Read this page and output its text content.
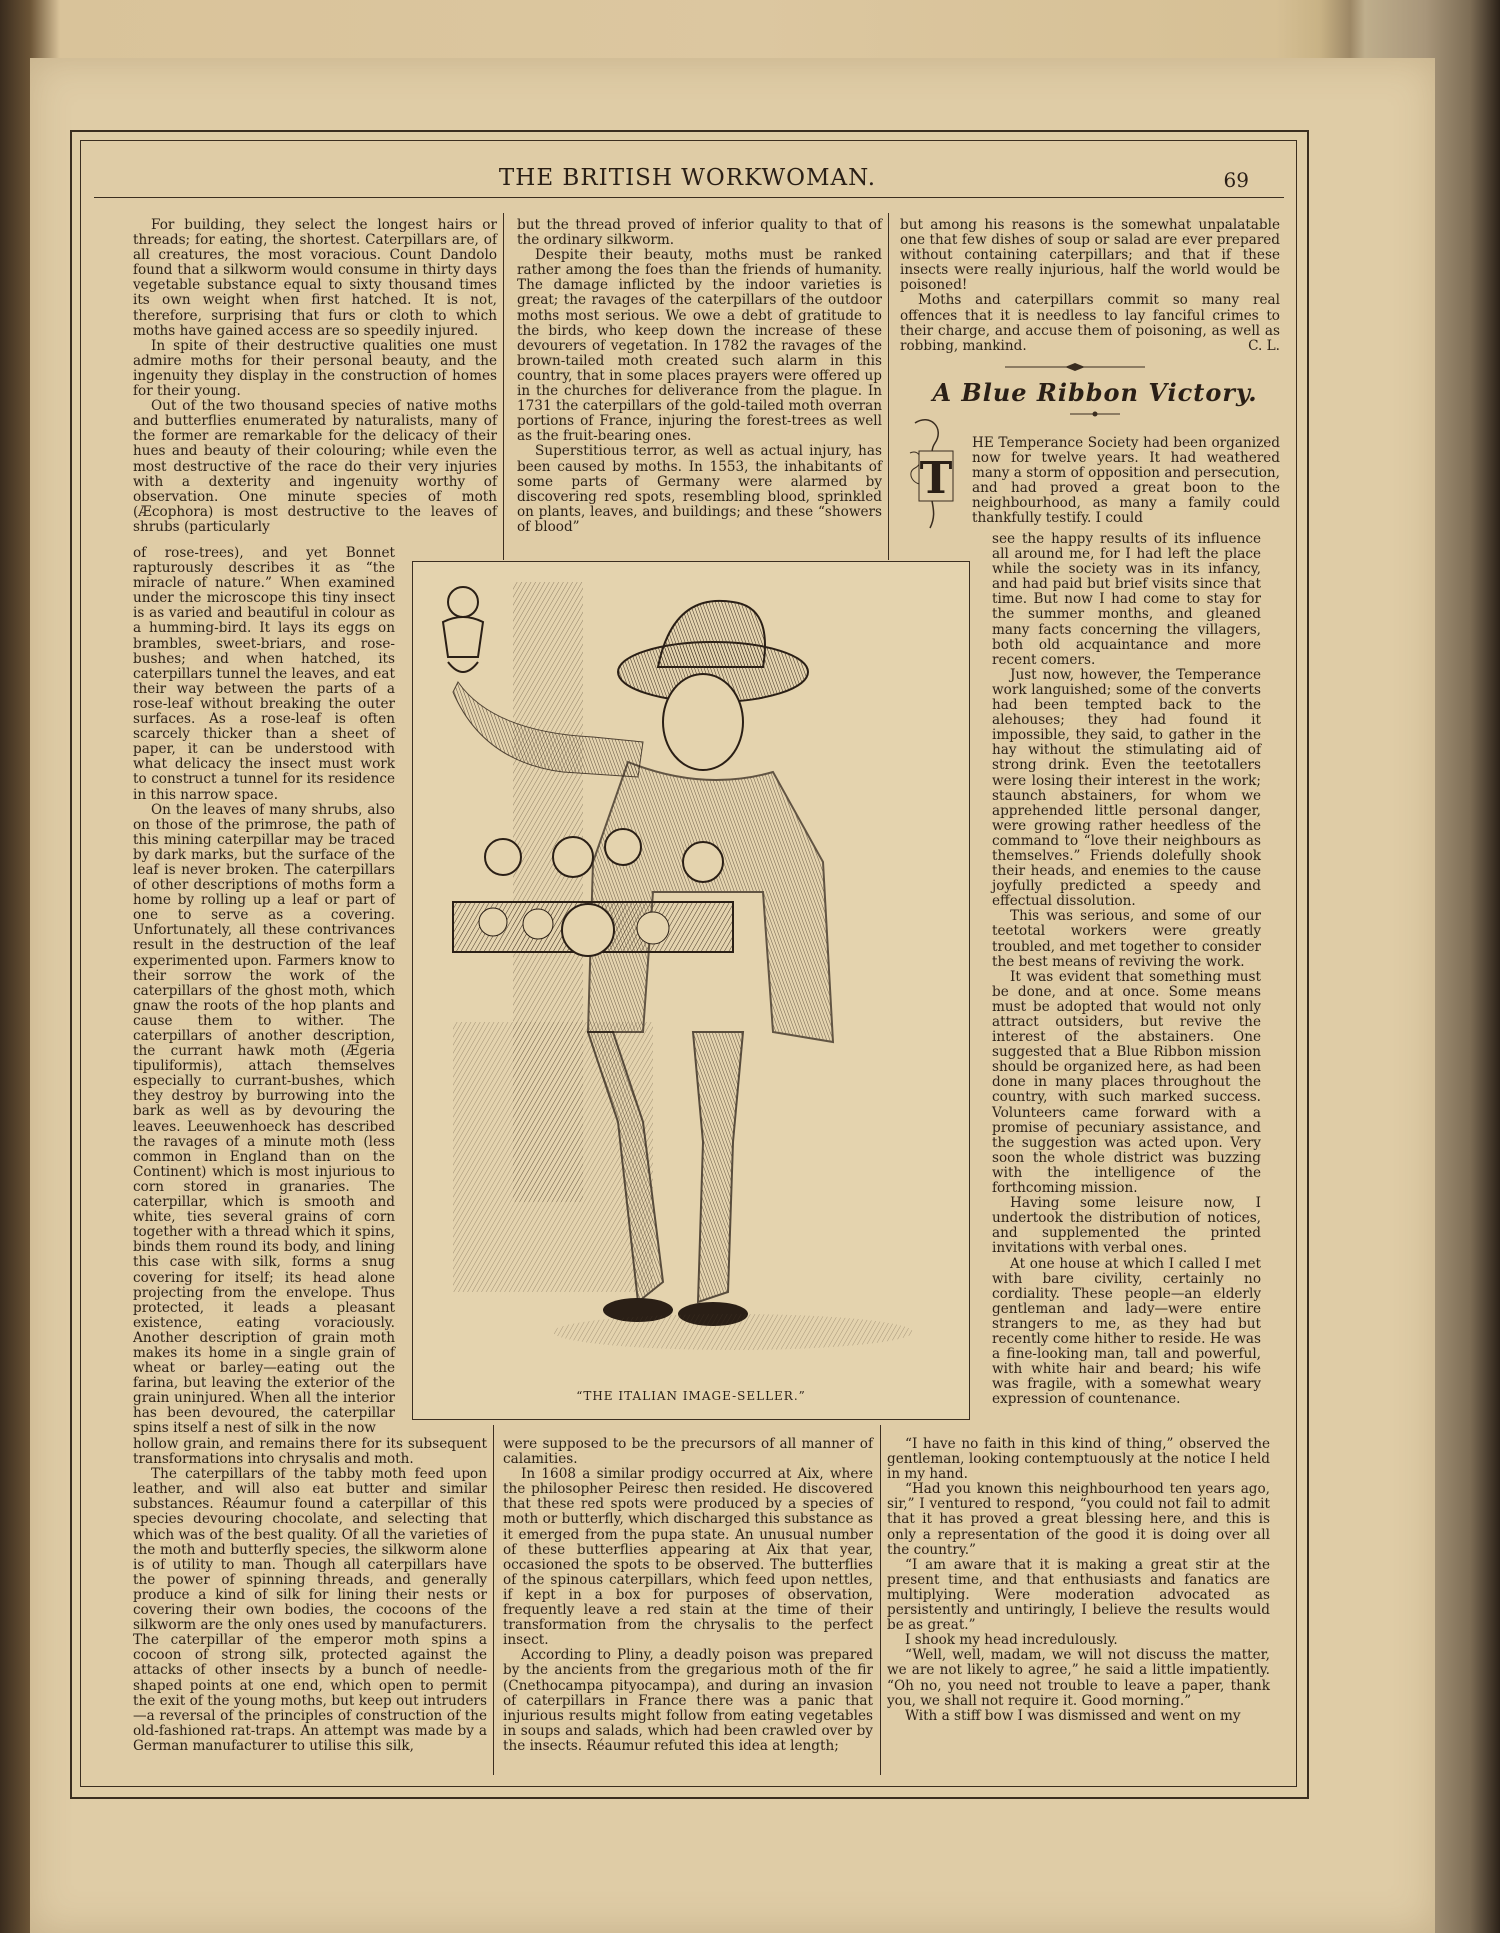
THE BRITISH WORKWOMAN.	69

For building, they select the longest hairs or threads; for eating, the shortest. Caterpillars are, of all creatures, the most voracious. Count Dandolo found that a silkworm would consume in thirty days vegetable substance equal to sixty thousand times its own weight when first hatched. It is not, therefore, surprising that furs or cloth to which moths have gained access are so speedily injured.

In spite of their destructive qualities one must admire moths for their personal beauty, and the ingenuity they display in the construction of homes for their young.

Out of the two thousand species of native moths and butterflies enumerated by naturalists, many of the former are remarkable for the delicacy of their hues and beauty of their colouring; while even the most destructive of the race do their very injuries with a dexterity and ingenuity worthy of observation. One minute species of moth (Æcophora) is most destructive to the leaves of shrubs (particularly

of rose-trees), and yet Bonnet rapturously describes it as “the miracle of nature.” When examined under the microscope this tiny insect is as varied and beautiful in colour as a humming-bird. It lays its eggs on brambles, sweet-briars, and rose-bushes; and when hatched, its caterpillars tunnel the leaves, and eat their way between the parts of a rose-leaf without breaking the outer surfaces. As a rose-leaf is often scarcely thicker than a sheet of paper, it can be understood with what delicacy the insect must work to construct a tunnel for its residence in this narrow space.

On the leaves of many shrubs, also on those of the primrose, the path of this mining caterpillar may be traced by dark marks, but the surface of the leaf is never broken. The caterpillars of other descriptions of moths form a home by rolling up a leaf or part of one to serve as a covering. Unfortunately, all these contrivances result in the destruction of the leaf experimented upon. Farmers know to their sorrow the work of the caterpillars of the ghost moth, which gnaw the roots of the hop plants and cause them to wither. The caterpillars of another description, the currant hawk moth (Ægeria tipuliformis), attach themselves especially to currant-bushes, which they destroy by burrowing into the bark as well as by devouring the leaves. Leeuwenhoeck has described the ravages of a minute moth (less common in England than on the Continent) which is most injurious to corn stored in granaries. The caterpillar, which is smooth and white, ties several grains of corn together with a thread which it spins, binds them round its body, and lining this case with silk, forms a snug covering for itself; its head alone projecting from the envelope. Thus protected, it leads a pleasant existence, eating voraciously. Another description of grain moth makes its home in a single grain of wheat or barley—eating out the farina, but leaving the exterior of the grain uninjured. When all the interior has been devoured, the caterpillar spins itself a nest of silk in the now

hollow grain, and remains there for its subsequent transformations into chrysalis and moth.

The caterpillars of the tabby moth feed upon leather, and will also eat butter and similar substances. Réaumur found a caterpillar of this species devouring chocolate, and selecting that which was of the best quality. Of all the varieties of the moth and butterfly species, the silkworm alone is of utility to man. Though all caterpillars have the power of spinning threads, and generally produce a kind of silk for lining their nests or covering their own bodies, the cocoons of the silkworm are the only ones used by manufacturers. The caterpillar of the emperor moth spins a cocoon of strong silk, protected against the attacks of other insects by a bunch of needle-shaped points at one end, which open to permit the exit of the young moths, but keep out intruders—a reversal of the principles of construction of the old-fashioned rat-traps. An attempt was made by a German manufacturer to utilise this silk,

but the thread proved of inferior quality to that of the ordinary silkworm.

Despite their beauty, moths must be ranked rather among the foes than the friends of humanity. The damage inflicted by the indoor varieties is great; the ravages of the caterpillars of the outdoor moths most serious. We owe a debt of gratitude to the birds, who keep down the increase of these devourers of vegetation. In 1782 the ravages of the brown-tailed moth created such alarm in this country, that in some places prayers were offered up in the churches for deliverance from the plague. In 1731 the caterpillars of the gold-tailed moth overran portions of France, injuring the forest-trees as well as the fruit-bearing ones.

Superstitious terror, as well as actual injury, has been caused by moths. In 1553, the inhabitants of some parts of Germany were alarmed by discovering red spots, resembling blood, sprinkled on plants, leaves, and buildings; and these “showers of blood”

were supposed to be the precursors of all manner of calamities.

In 1608 a similar prodigy occurred at Aix, where the philosopher Peiresc then resided. He discovered that these red spots were produced by a species of moth or butterfly, which discharged this substance as it emerged from the pupa state. An unusual number of these butterflies appearing at Aix that year, occasioned the spots to be observed. The butterflies of the spinous caterpillars, which feed upon nettles, if kept in a box for purposes of observation, frequently leave a red stain at the time of their transformation from the chrysalis to the perfect insect.

According to Pliny, a deadly poison was prepared by the ancients from the gregarious moth of the fir (Cnethocampa pityocampa), and during an invasion of caterpillars in France there was a panic that injurious results might follow from eating vegetables in soups and salads, which had been crawled over by the insects. Réaumur refuted this idea at length;

but among his reasons is the somewhat unpalatable one that few dishes of soup or salad are ever prepared without containing caterpillars; and that if these insects were really injurious, half the world would be poisoned!

Moths and caterpillars commit so many real offences that it is needless to lay fanciful crimes to their charge, and accuse them of poisoning, as well as robbing, mankind.	C. L.
A Blue Ribbon Victory.
T

HE Temperance Society had been organized now for twelve years. It had weathered many a storm of opposition and persecution, and had proved a great boon to the neighbourhood, as many a family could thankfully testify. I could

see the happy results of its influence all around me, for I had left the place while the society was in its infancy, and had paid but brief visits since that time. But now I had come to stay for the summer months, and gleaned many facts concerning the villagers, both old acquaintance and more recent comers.

Just now, however, the Temperance work languished; some of the converts had been tempted back to the alehouses; they had found it impossible, they said, to gather in the hay without the stimulating aid of strong drink. Even the teetotallers were losing their interest in the work; staunch abstainers, for whom we apprehended little personal danger, were growing rather heedless of the command to “love their neighbours as themselves.” Friends dolefully shook their heads, and enemies to the cause joyfully predicted a speedy and effectual dissolution.

This was serious, and some of our teetotal workers were greatly troubled, and met together to consider the best means of reviving the work.

It was evident that something must be done, and at once. Some means must be adopted that would not only attract outsiders, but revive the interest of the abstainers. One suggested that a Blue Ribbon mission should be organized here, as had been done in many places throughout the country, with such marked success. Volunteers came forward with a promise of pecuniary assistance, and the suggestion was acted upon. Very soon the whole district was buzzing with the intelligence of the forthcoming mission.

Having some leisure now, I undertook the distribution of notices, and supplemented the printed invitations with verbal ones.

At one house at which I called I met with bare civility, certainly no cordiality. These people—an elderly gentleman and lady—were entire strangers to me, as they had but recently come hither to reside. He was a fine-looking man, tall and powerful, with white hair and beard; his wife was fragile, with a somewhat weary expression of countenance.

“I have no faith in this kind of thing,” observed the gentleman, looking contemptuously at the notice I held in my hand.

“Had you known this neighbourhood ten years ago, sir,” I ventured to respond, “you could not fail to admit that it has proved a great blessing here, and this is only a representation of the good it is doing over all the country.”

“I am aware that it is making a great stir at the present time, and that enthusiasts and fanatics are multiplying. Were moderation advocated as persistently and untiringly, I believe the results would be as great.”

I shook my head incredulously.

“Well, well, madam, we will not discuss the matter, we are not likely to agree,” he said a little impatiently. “Oh no, you need not trouble to leave a paper, thank you, we shall not require it. Good morning.”

With a stiff bow I was dismissed and went on my

“THE ITALIAN IMAGE-SELLER.”
